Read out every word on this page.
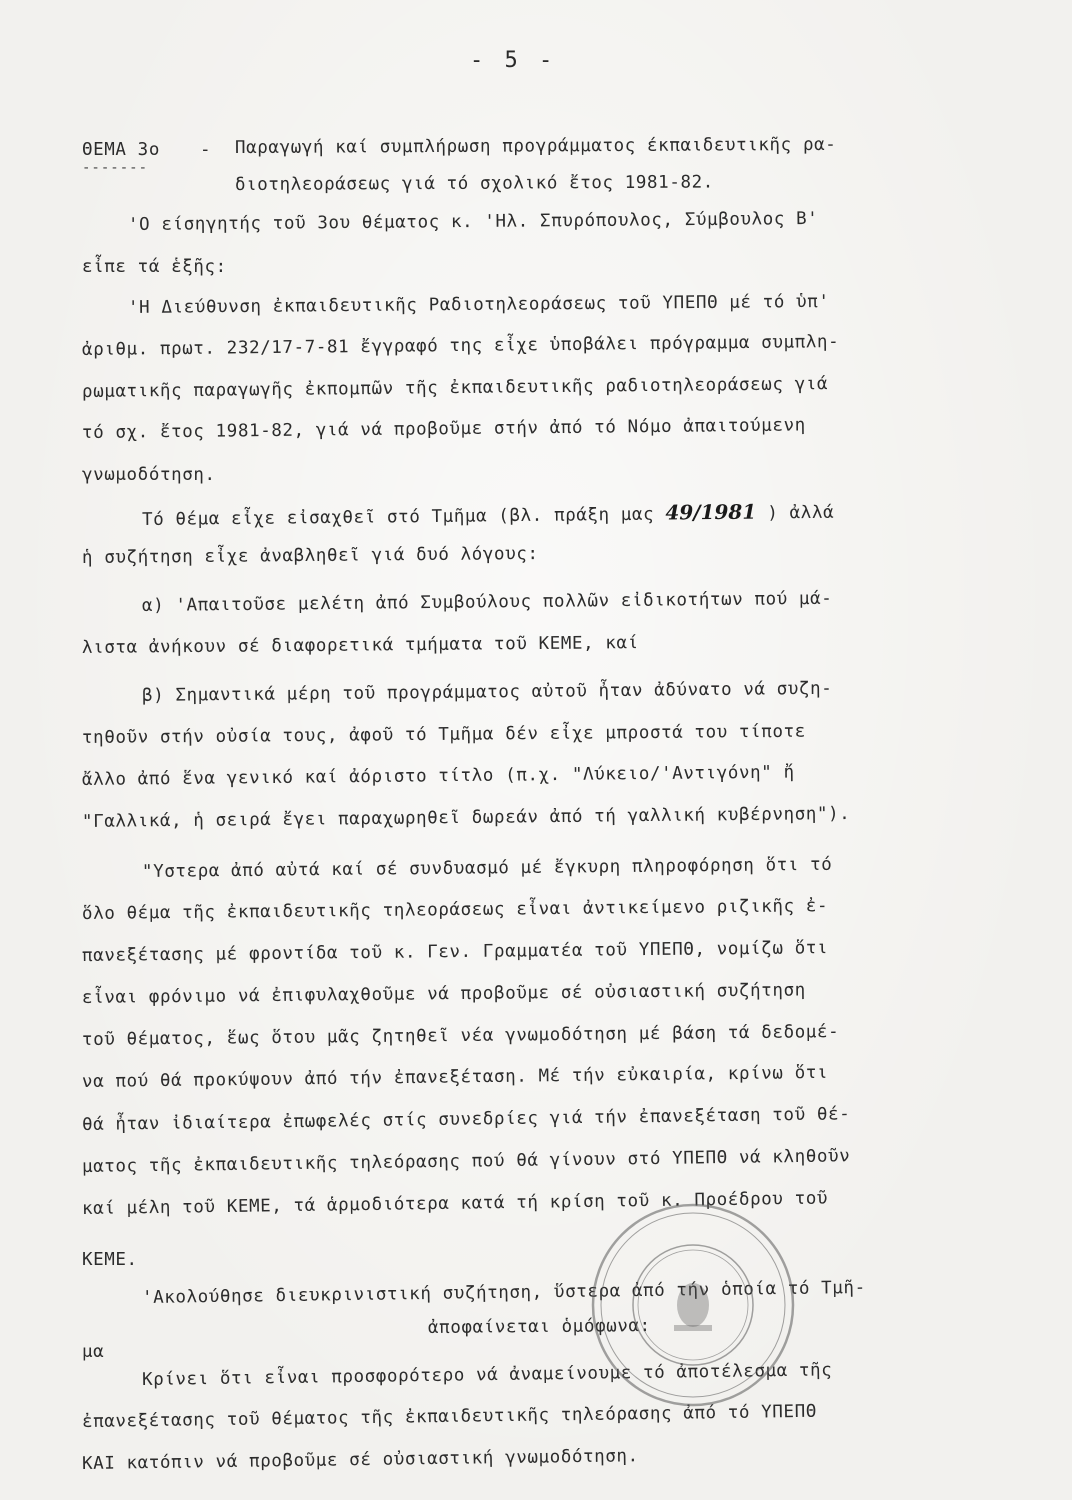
- 5 -
ΘΕΜΑ 3ο
-------
- Παραγωγή καί συμπλήρωση προγράμματος έκπαιδευτικῆς ρα-
διοτηλεοράσεως γιά τό σχολικό ἔτος 1981-82.
'Ο είσηγητής τοῦ 3ου θέματος κ. 'Ηλ. Σπυρόπουλος, Σύμβουλος Β'
εἶπε τά ἑξῆς:
'Η Διεύθυνση ἐκπαιδευτικῆς Ραδιοτηλεοράσεως τοῦ ΥΠΕΠΘ μέ τό ὑπ'
ἀριθμ. πρωτ. 232/17-7-81 ἔγγραφό της εἶχε ὑποβάλει πρόγραμμα συμπλη-
ρωματικῆς παραγωγῆς ἐκπομπῶν τῆς ἐκπαιδευτικῆς ραδιοτηλεοράσεως γιά
τό σχ. ἔτος 1981-82, γιά νά προβοῦμε στήν ἀπό τό Νόμο ἀπαιτούμενη
γνωμοδότηση.
Τό θέμα εἶχε εἰσαχθεῖ στό Τμῆμα (βλ. πράξη μας 49/1981 ) ἀλλά
ἡ συζήτηση εἶχε ἀναβληθεῖ γιά δυό λόγους:
α) 'Απαιτοῦσε μελέτη ἀπό Συμβούλους πολλῶν εἰδικοτήτων πού μά-
λιστα ἀνήκουν σέ διαφορετικά τμήματα τοῦ ΚΕΜΕ, καί
β) Σημαντικά μέρη τοῦ προγράμματος αὐτοῦ ἦταν ἀδύνατο νά συζη-
τηθοῦν στήν οὐσία τους, ἀφοῦ τό Τμῆμα δέν εἶχε μπροστά του τίποτε
ἄλλο ἀπό ἕνα γενικό καί ἀόριστο τίτλο (π.χ. "Λύκειο/'Αντιγόνη" ἤ
"Γαλλικά, ἡ σειρά ἔγει παραχωρηθεῖ δωρεάν ἀπό τή γαλλική κυβέρνηση").
"Υστερα ἀπό αὐτά καί σέ συνδυασμό μέ ἔγκυρη πληροφόρηση ὅτι τό
ὅλο θέμα τῆς ἐκπαιδευτικῆς τηλεοράσεως εἶναι ἀντικείμενο ριζικῆς ἐ-
πανεξέτασης μέ φροντίδα τοῦ κ. Γεν. Γραμματέα τοῦ ΥΠΕΠΘ, νομίζω ὅτι
εἶναι φρόνιμο νά ἐπιφυλαχθοῦμε νά προβοῦμε σέ οὐσιαστική συζήτηση
τοῦ θέματος, ἕως ὅτου μᾶς ζητηθεῖ νέα γνωμοδότηση μέ βάση τά δεδομέ-
να πού θά προκύψουν ἀπό τήν ἐπανεξέταση. Μέ τήν εὐκαιρία, κρίνω ὅτι
θά ἦταν ἰδιαίτερα ἐπωφελές στίς συνεδρίες γιά τήν ἐπανεξέταση τοῦ θέ-
ματος τῆς ἐκπαιδευτικῆς τηλεόρασης πού θά γίνουν στό ΥΠΕΠΘ νά κληθοῦν
καί μέλη τοῦ ΚΕΜΕ, τά ἁρμοδιότερα κατά τή κρίση τοῦ κ. Προέδρου τοῦ
ΚΕΜΕ.
'Ακολούθησε διευκρινιστική συζήτηση, ὕστερα ἀπό τήν ὁποία τό Τμῆ-
μα
ἀποφαίνεται ὁμόφωνα:
Κρίνει ὅτι εἶναι προσφορότερο νά ἀναμείνουμε τό ἀποτέλεσμα τῆς
ἐπανεξέτασης τοῦ θέματος τῆς ἐκπαιδευτικῆς τηλεόρασης ἀπό τό ΥΠΕΠΘ
ΚΑΙ κατόπιν νά προβοῦμε σέ οὐσιαστική γνωμοδότηση.
